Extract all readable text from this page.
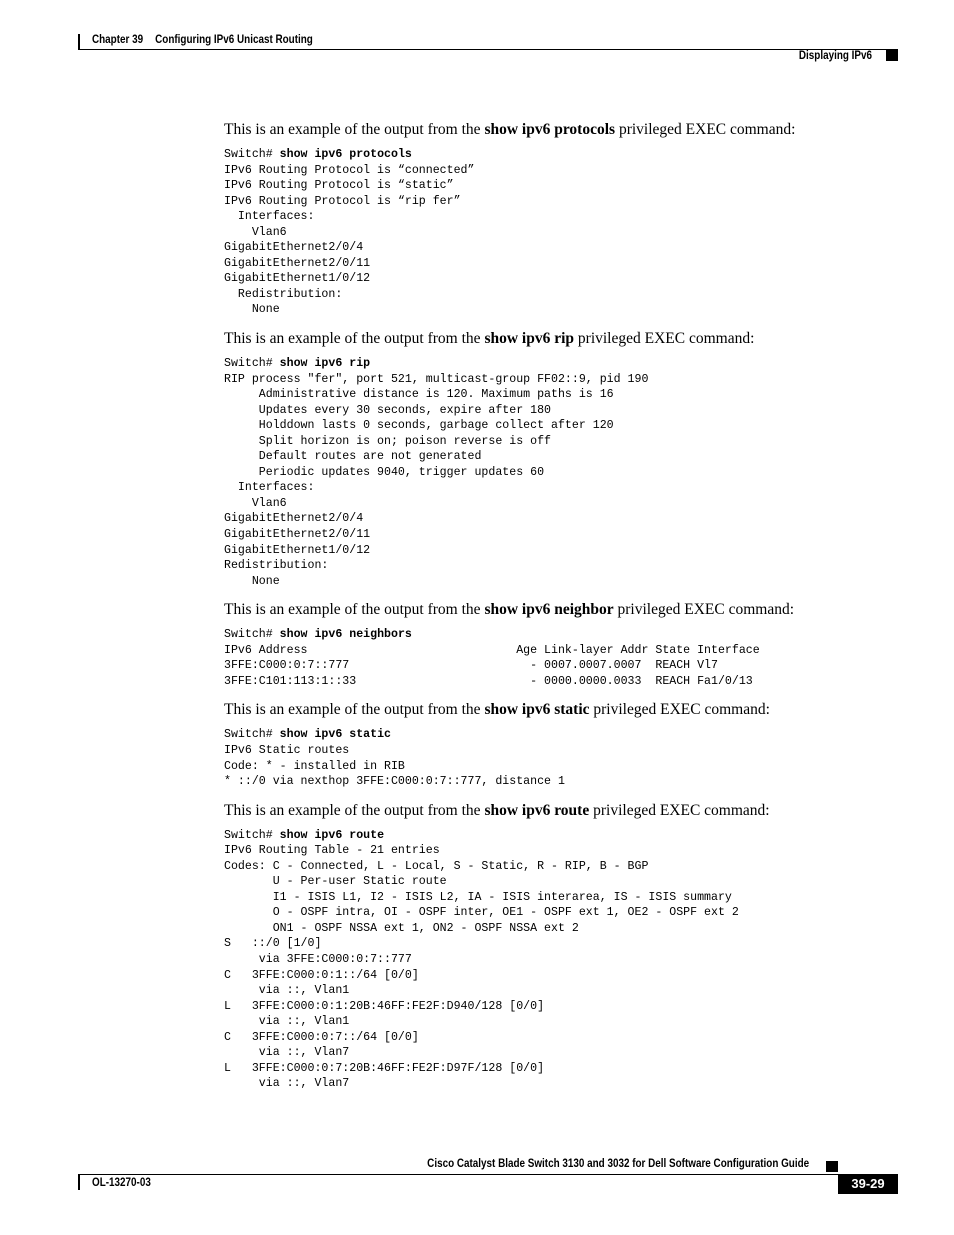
Chapter 39 Configuring IPv6 Unicast Routing
Displaying IPv6

This is an example of the output from the show ipv6 protocols privileged EXEC command:

Switch# show ipv6 protocols
IPv6 Routing Protocol is “connected”
IPv6 Routing Protocol is “static”
IPv6 Routing Protocol is “rip fer”
Interfaces:
Vlan6
GigabitEthernet2/0/4
GigabitEthernet2/0/11
GigabitEthernet1/0/12
Redistribution:
None

This is an example of the output from the show ipv6 rip privileged EXEC command:

Switch# show ipv6 rip
RIP process "fer", port 521, multicast-group FF02::9, pid 190
Administrative distance is 120. Maximum paths is 16
Updates every 30 seconds, expire after 180
Holddown lasts 0 seconds, garbage collect after 120
Split horizon is on; poison reverse is off
Default routes are not generated
Periodic updates 9040, trigger updates 60
Interfaces:
Vlan6
GigabitEthernet2/0/4
GigabitEthernet2/0/11
GigabitEthernet1/0/12
Redistribution:
None

This is an example of the output from the show ipv6 neighbor privileged EXEC command:

Switch# show ipv6 neighbors
IPv6 Address                              Age Link-layer Addr State Interface
3FFE:C000:0:7::777                          - 0007.0007.0007  REACH Vl7
3FFE:C101:113:1::33                         - 0000.0000.0033  REACH Fa1/0/13

This is an example of the output from the show ipv6 static privileged EXEC command:

Switch# show ipv6 static
IPv6 Static routes
Code: * - installed in RIB
* ::/0 via nexthop 3FFE:C000:0:7::777, distance 1

This is an example of the output from the show ipv6 route privileged EXEC command:

Switch# show ipv6 route
IPv6 Routing Table - 21 entries
Codes: C - Connected, L - Local, S - Static, R - RIP, B - BGP
U - Per-user Static route
I1 - ISIS L1, I2 - ISIS L2, IA - ISIS interarea, IS - ISIS summary
O - OSPF intra, OI - OSPF inter, OE1 - OSPF ext 1, OE2 - OSPF ext 2
ON1 - OSPF NSSA ext 1, ON2 - OSPF NSSA ext 2
S   ::/0 [1/0]
via 3FFE:C000:0:7::777
C   3FFE:C000:0:1::/64 [0/0]
via ::, Vlan1
L   3FFE:C000:0:1:20B:46FF:FE2F:D940/128 [0/0]
via ::, Vlan1
C   3FFE:C000:0:7::/64 [0/0]
via ::, Vlan7
L   3FFE:C000:0:7:20B:46FF:FE2F:D97F/128 [0/0]
via ::, Vlan7
Cisco Catalyst Blade Switch 3130 and 3032 for Dell Software Configuration Guide
OL-13270-03	39-29
